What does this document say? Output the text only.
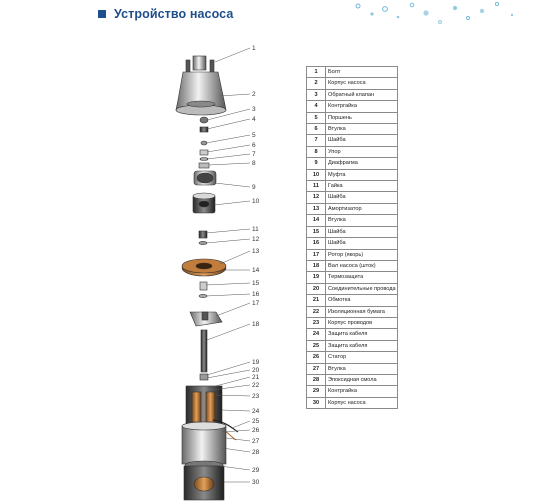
Устройство насоса
1
2
3
4
5
6
7
8
9
10
11
12
13
14
15
16
17
18
19
20
21
22
23
24
25
26
27
28
29
30
1	Болт
2	Корпус насоса
3	Обратный клапан
4	Контргайка
5	Поршень
6	Втулка
7	Шайба
8	Упор
9	Диафрагма
10	Муфта
11	Гайка
12	Шайба
13	Амортизатор
14	Втулка
15	Шайба
16	Шайба
17	Ротор (якорь)
18	Вал насоса (шток)
19	Термозащита
20	Соединительные провода
21	Обмотка
22	Изоляционная бумага
23	Корпус проводов
24	Защита кабеля
25	Защита кабеля
26	Статор
27	Втулка
28	Эпоксидная смола
29	Контргайка
30	Корпус насоса
